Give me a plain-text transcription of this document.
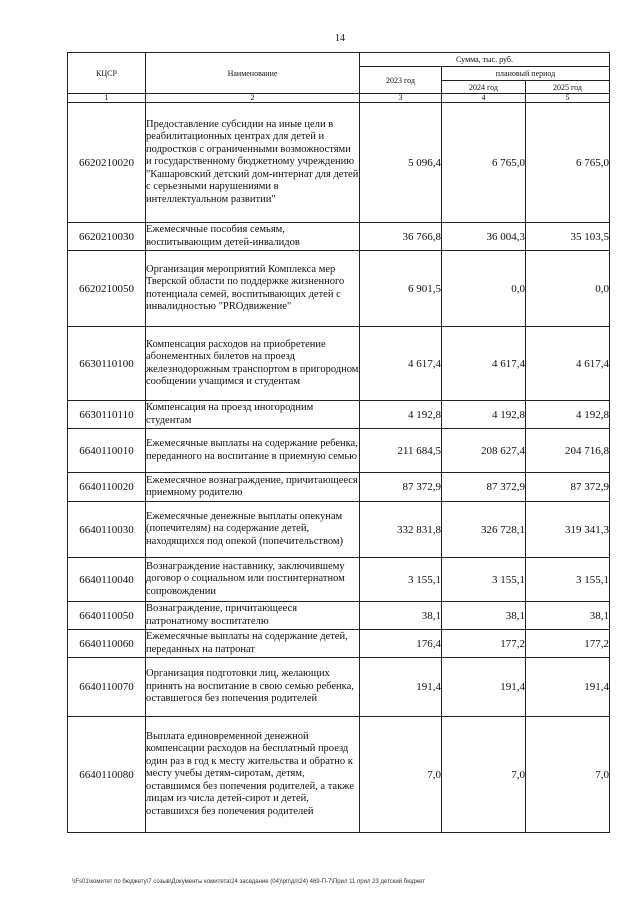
14
КЦСР	Наименование	Сумма, тыс. руб.		
		2023 год	плановый период	
			2024 год	2025 год
1	2	3	4	5
6620210020	Предоставление субсидии на иные цели в реабилитационных центрах для детей и подростков с ограниченными возможностями и государственному бюджетному учреждению "Кашаровский детский дом-интернат для детей с серьезными нарушениями в интеллектуальном развитии"	5 096,4	6 765,0	6 765,0
6620210030	Ежемесячные пособия семьям, воспитывающим детей-инвалидов	36 766,8	36 004,3	35 103,5
6620210050	Организация мероприятий Комплекса мер Тверской области по поддержке жизненного потенциала семей, воспитывающих детей с инвалидностью "PROдвижение"	6 901,5	0,0	0,0
6630110100	Компенсация расходов на приобретение абонементных билетов на проезд железнодорожным транспортом в пригородном сообщении учащимся и студентам	4 617,4	4 617,4	4 617,4
6630110110	Компенсация на проезд иногородним студентам	4 192,8	4 192,8	4 192,8
6640110010	Ежемесячные выплаты на содержание ребенка, переданного на воспитание в приемную семью	211 684,5	208 627,4	204 716,8
6640110020	Ежемесячное вознаграждение, причитающееся приемному родителю	87 372,9	87 372,9	87 372,9
6640110030	Ежемесячные денежные выплаты опекунам (попечителям) на содержание детей, находящихся под опекой (попечительством)	332 831,8	326 728,1	319 341,3
6640110040	Вознаграждение наставнику, заключившему договор о социальном или постинтернатном сопровождении	3 155,1	3 155,1	3 155,1
6640110050	Вознаграждение, причитающееся патронатному воспитателю	38,1	38,1	38,1
6640110060	Ежемесячные выплаты на содержание детей, переданных на патронат	176,4	177,2	177,2
6640110070	Организация подготовки лиц, желающих принять на воспитание в свою семью ребенка, оставшегося без попечения родителей	191,4	191,4	191,4
6640110080	Выплата единовременной денежной компенсации расходов на бесплатный проезд один раз в год к месту жительства и обратно к месту учебы детям-сиротам, детям, оставшимся без попечения родителей, а также лицам из числа детей-сирот и детей, оставшихся без попечения родителей	7,0	7,0	7,0
\\Fs01\комитет по бюджету\7 созыв\Документы комитета\24 заседание (04)\рп\дп\24) 469-П-7\Прил 11 прил 23 детский бюджет
